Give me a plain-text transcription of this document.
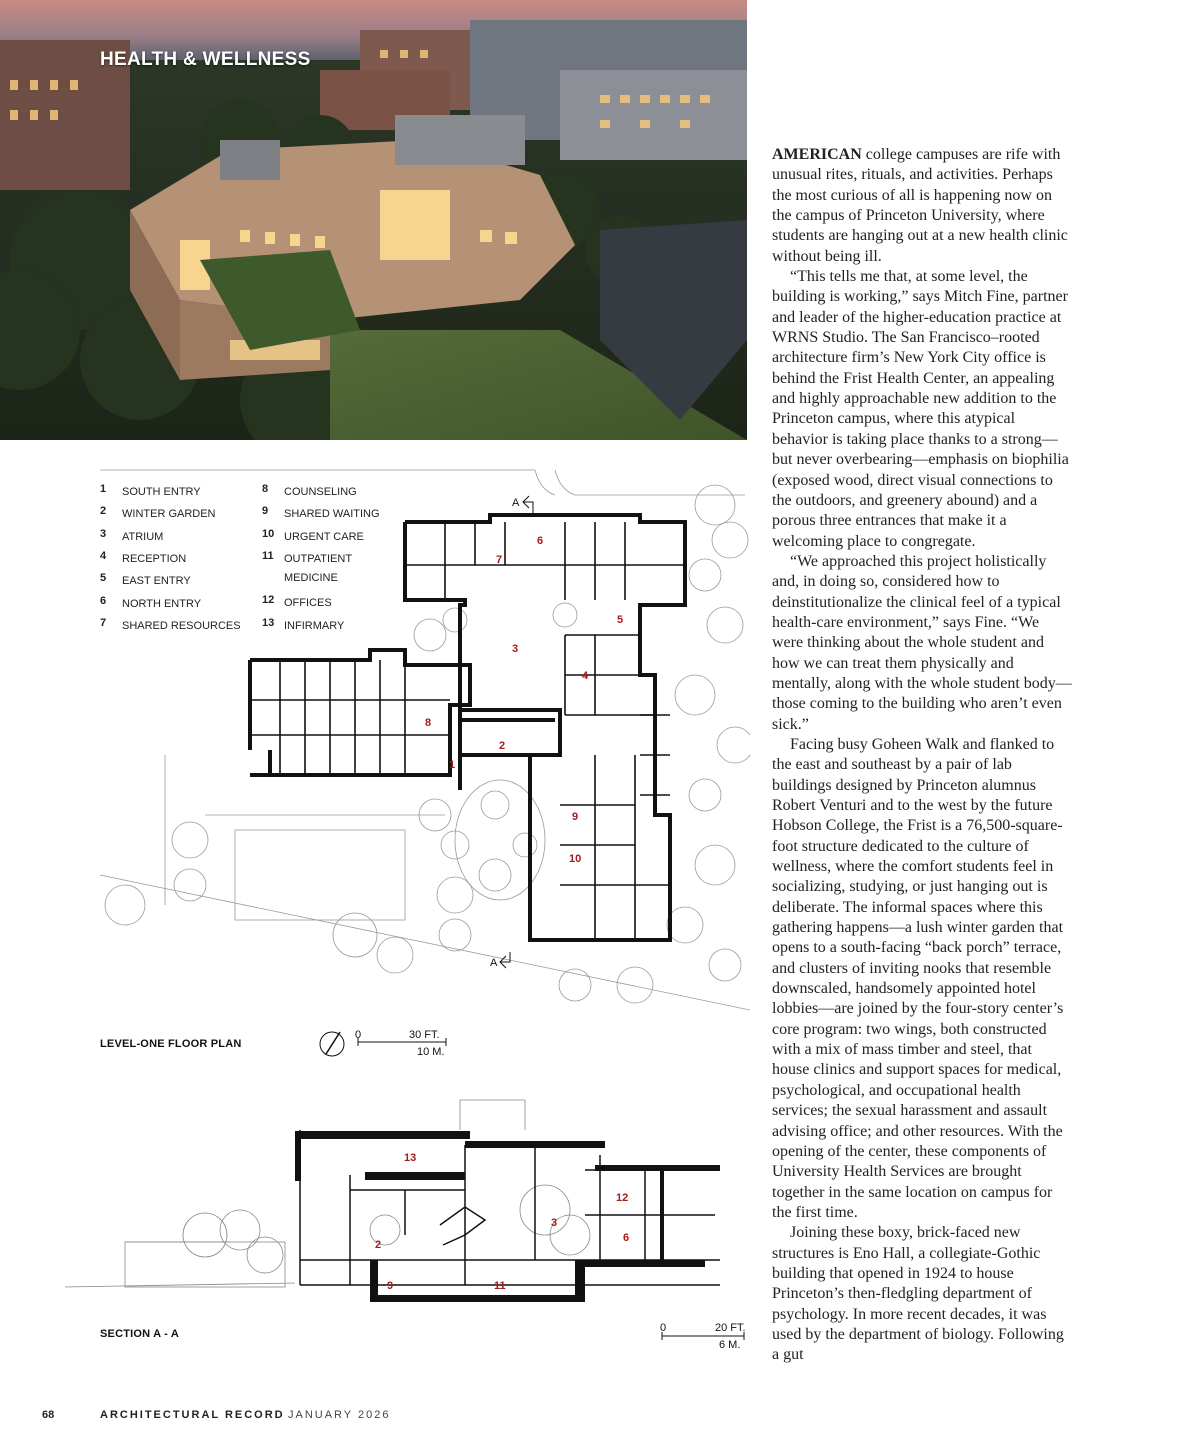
HEALTH & WELLNESS

AMERICAN college campuses are rife with unusual rites, rituals, and activities. Perhaps the most curious of all is happening now on the campus of Princeton University, where students are hanging out at a new health clinic without being ill.

“This tells me that, at some level, the building is working,” says Mitch Fine, partner and leader of the higher-education practice at WRNS Studio. The San Francisco–rooted architecture firm’s New York City office is behind the Frist Health Center, an appealing and highly approachable new addition to the Princeton campus, where this atypical behavior is taking place thanks to a strong—but never overbearing—emphasis on biophilia (exposed wood, direct visual connections to the outdoors, and greenery abound) and a porous three entrances that make it a welcoming place to congregate.

“We approached this project holistically and, in doing so, considered how to deinstitutionalize the clinical feel of a typical health-care environment,” says Fine. “We were thinking about the whole student and how we can treat them physically and mentally, along with the whole student body—those coming to the building who aren’t even sick.”

Facing busy Goheen Walk and flanked to the east and southeast by a pair of lab buildings designed by Princeton alumnus Robert Venturi and to the west by the future Hobson College, the Frist is a 76,500-square-foot structure dedicated to the culture of wellness, where the comfort students feel in socializing, studying, or just hanging out is deliberate. The informal spaces where this gathering happens—a lush winter garden that opens to a south-facing “back porch” terrace, and clusters of inviting nooks that resemble downscaled, handsomely appointed hotel lobbies—are joined by the four-story center’s core program: two wings, both constructed with a mix of mass timber and steel, that house clinics and support spaces for medical, psychological, and occupational health services; the sexual harassment and assault advising office; and other resources. With the opening of the center, these components of University Health Services are brought together in the same location on campus for the first time.

Joining these boxy, brick-faced new structures is Eno Hall, a collegiate-Gothic building that opened in 1924 to house Princeton’s then-fledgling department of psychology. In more recent decades, it was used by the department of biology. Following a gut

1 SOUTH ENTRY
2 WINTER GARDEN
3 ATRIUM
4 RECEPTION
5 EAST ENTRY
6 NORTH ENTRY
7 SHARED RESOURCES
8 COUNSELING
9 SHARED WAITING
10 URGENT CARE
11 OUTPATIENT MEDICINE
12 OFFICES
13 INFIRMARY
A
A
1
2
3
4
5
6
7
8
9
10
LEVEL-ONE FLOOR PLAN
0	30 FT.
10 M.
13
12
3
2
6
9	11
SECTION A - A	0	20 FT.
6 M.
68	ARCHITECTURAL RECORD JANUARY 2026
